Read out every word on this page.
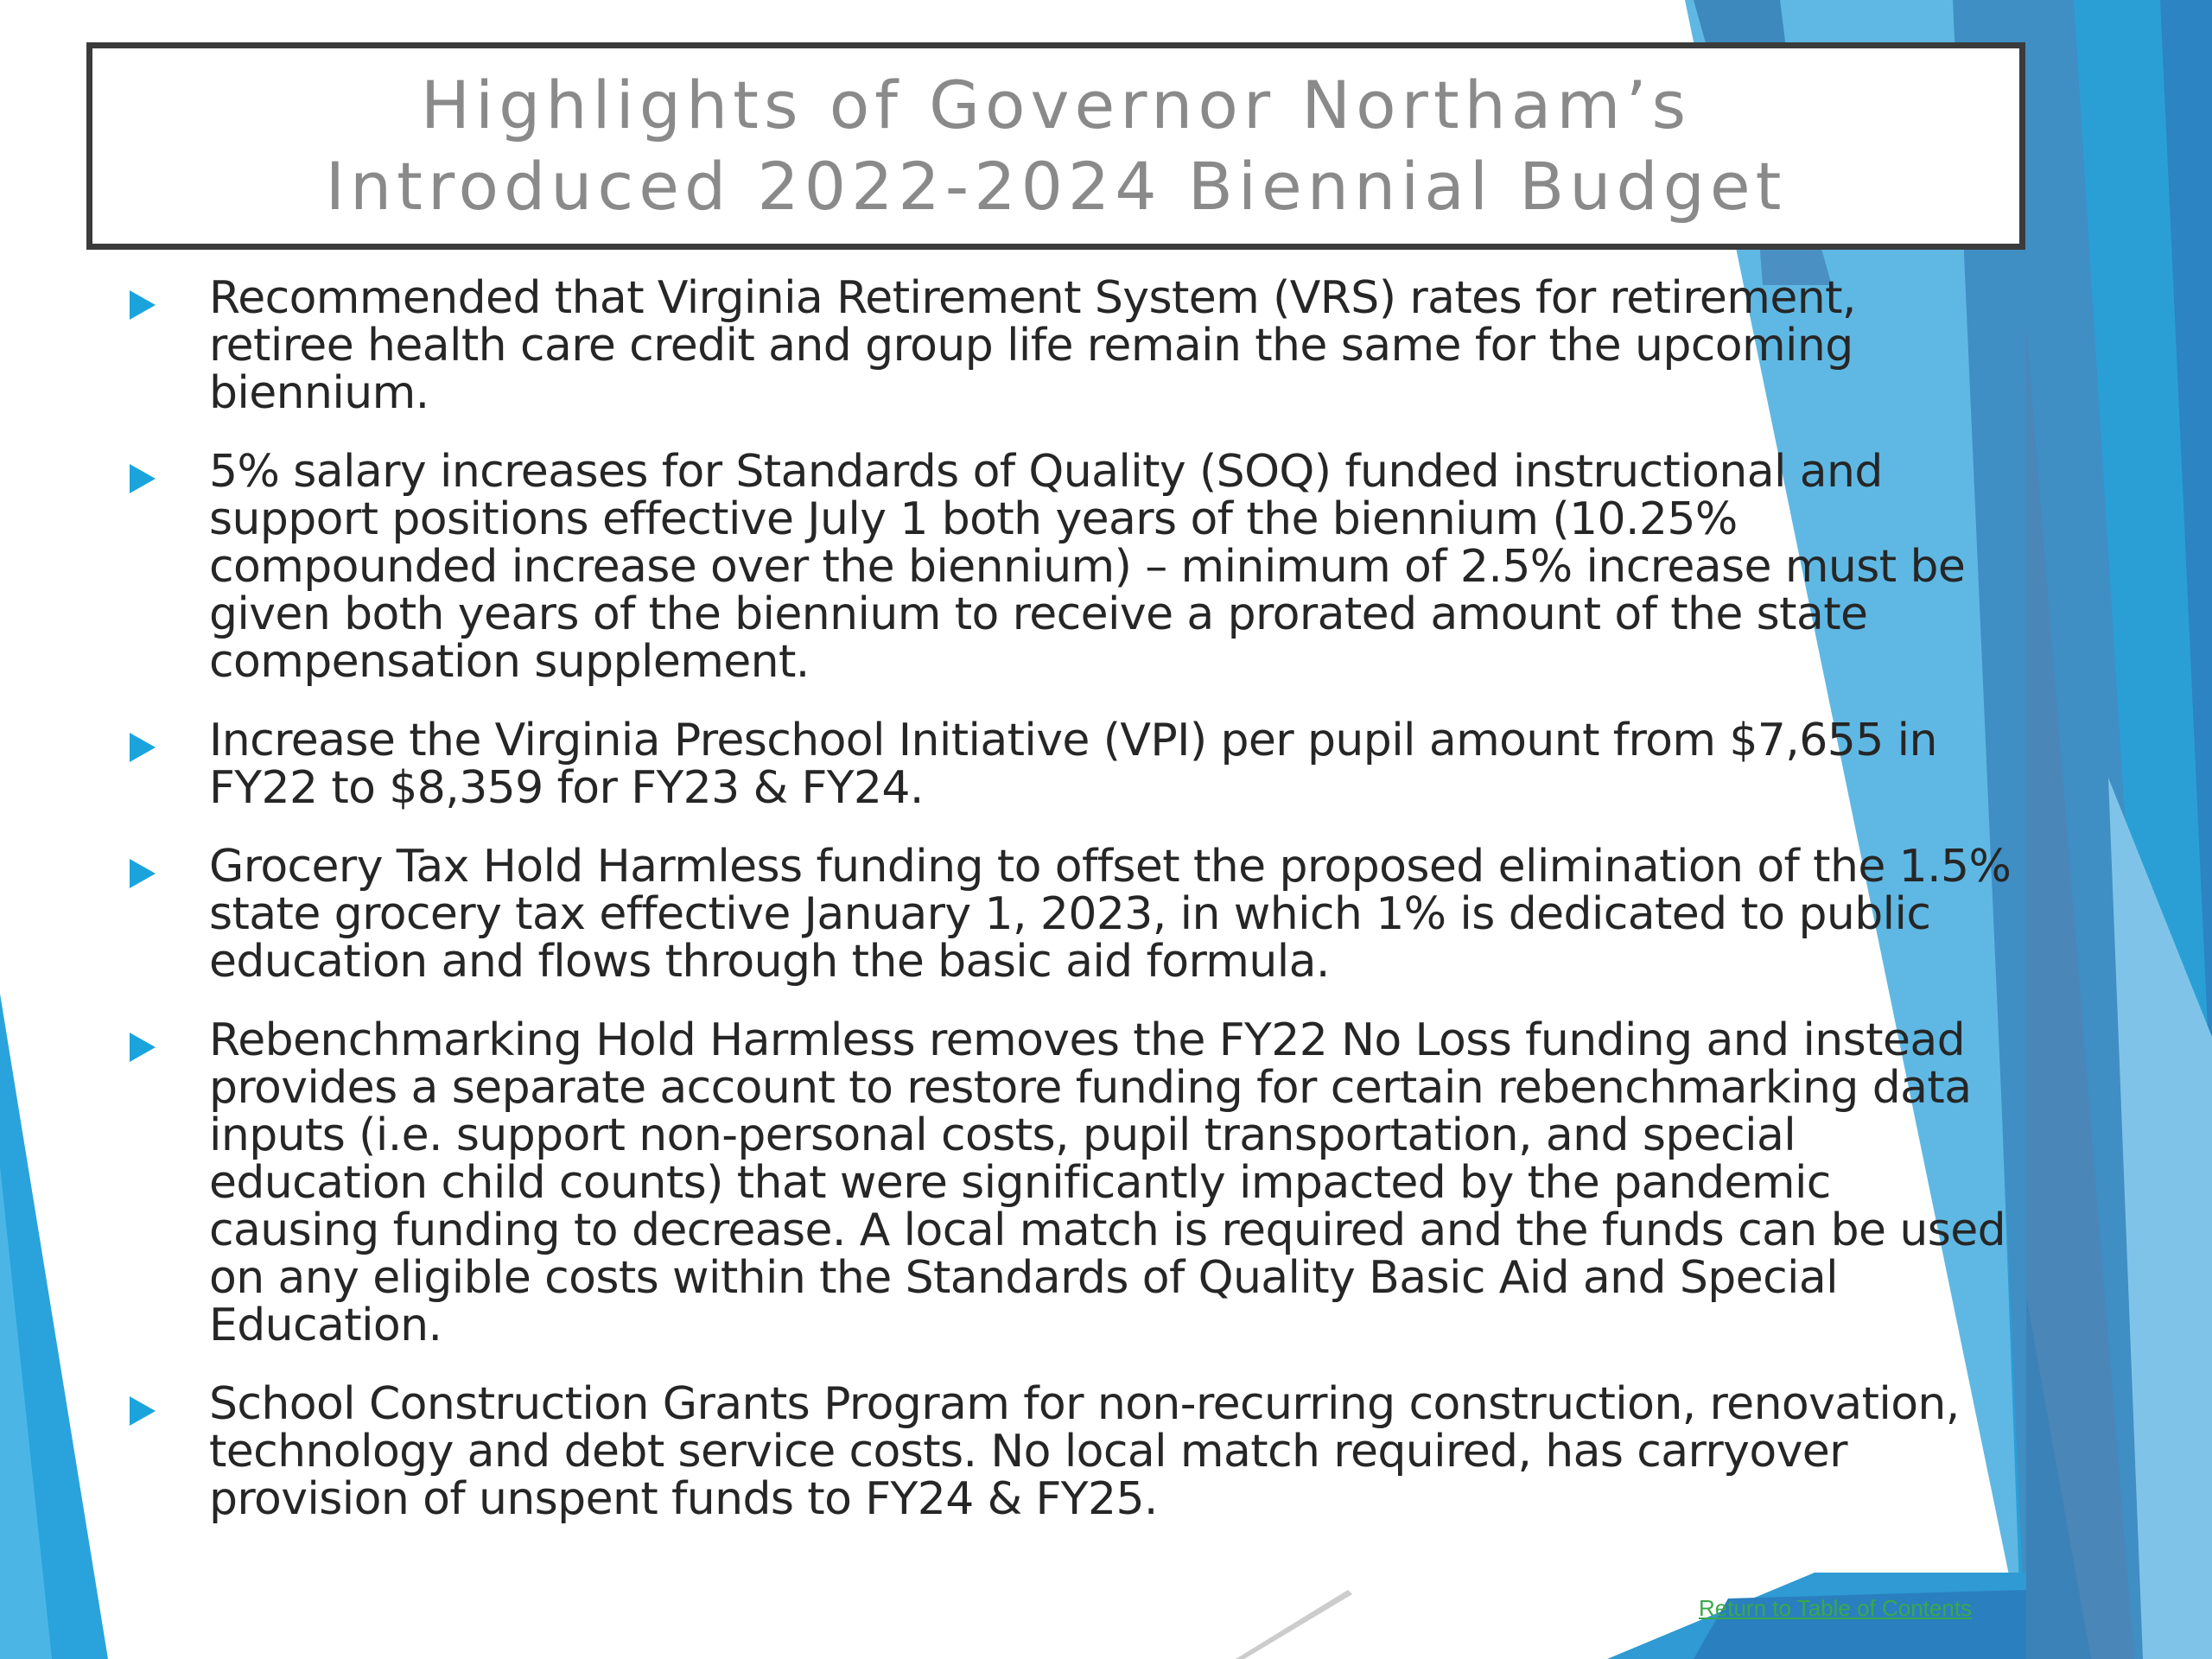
Highlights of Governor Northam’s
Introduced 2022-2024 Biennial Budget
Recommended that Virginia Retirement System (VRS) rates for retirement, retiree health care credit and group life remain the same for the upcoming biennium.
5% salary increases for Standards of Quality (SOQ) funded instructional and support positions effective July 1 both years of the biennium (10.25% compounded increase over the biennium) – minimum of 2.5% increase must be given both years of the biennium to receive a prorated amount of the state compensation supplement.
Increase the Virginia Preschool Initiative (VPI) per pupil amount from $7,655 in FY22 to $8,359 for FY23 & FY24.
Grocery Tax Hold Harmless funding to offset the proposed elimination of the 1.5% state grocery tax effective January 1, 2023, in which 1% is dedicated to public education and flows through the basic aid formula.
Rebenchmarking Hold Harmless removes the FY22 No Loss funding and instead provides a separate account to restore funding for certain rebenchmarking data inputs (i.e. support non-personal costs, pupil transportation, and special education child counts) that were significantly impacted by the pandemic causing funding to decrease. A local match is required and the funds can be used on any eligible costs within the Standards of Quality Basic Aid and Special Education.
School Construction Grants Program for non-recurring construction, renovation, technology and debt service costs. No local match required, has carryover provision of unspent funds to FY24 & FY25.
Return to Table of Contents
